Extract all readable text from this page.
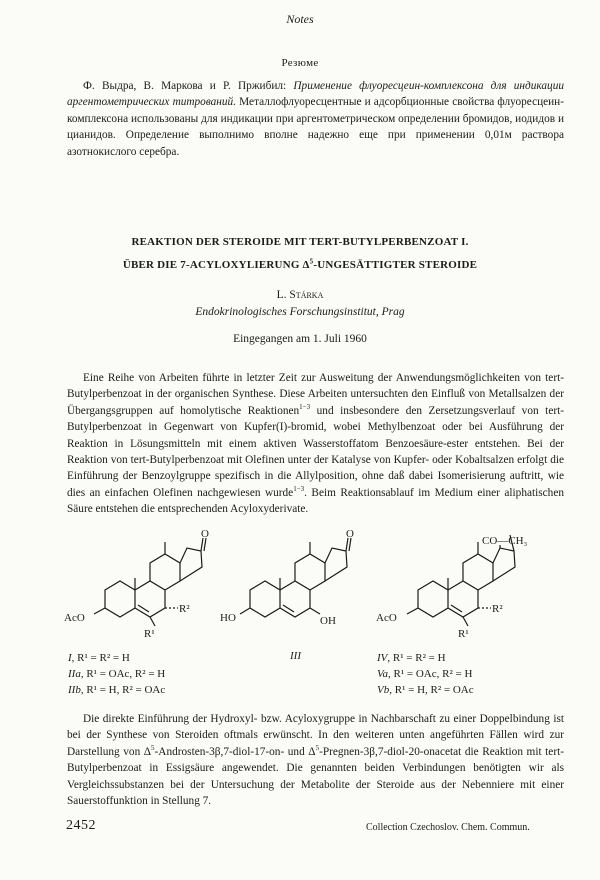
Notes
Резюме
Ф. Выдра, В. Маркова и Р. Пржибил: Применение флуоресцеин-комплексона для индикации аргентометрических титрований. Металлофлуоресцентные и адсорбционные свойства флуоресцеин-комплексона использованы для индикации при аргентометрическом определении бромидов, иодидов и цианидов. Определение выполнимо вполне надежно еще при применении 0,01м раствора азотнокислого серебра.
REAKTION DER STEROIDE MIT TERT-BUTYLPERBENZOAT I.
ÜBER DIE 7-ACYLOXYLIERUNG $\Delta^5$-UNGESÄTTIGTER STEROIDE
L. Stárka
Endokrinologisches Forschungsinstitut, Prag
Eingegangen am 1. Juli 1960
Eine Reihe von Arbeiten führte in letzter Zeit zur Ausweitung der Anwendungsmöglichkeiten von tert-Butylperbenzoat in der organischen Synthese. Diese Arbeiten untersuchten den Einfluß von Metallsalzen der Übergangsgruppen auf homolytische Reaktionen$^{1-3}$ und insbesondere den Zersetzungsverlauf von tert-Butylperbenzoat in Gegenwart von Kupfer(I)-bromid, wobei Methylbenzoat oder bei Ausführung der Reaktion in Lösungsmitteln mit einem aktiven Wasserstoffatom Benzoesäure-ester entstehen. Bei der Reaktion von tert-Butylperbenzoat mit Olefinen unter der Katalyse von Kupfer- oder Kobaltsalzen erfolgt die Einführung der Benzoylgruppe spezifisch in die Allylposition, ohne daß dabei Isomerisierung auftritt, wie dies an einfachen Olefinen nachgewiesen wurde$^{1-3}$. Beim Reaktionsablauf im Medium einer aliphatischen Säure entstehen die entsprechenden Acyloxyderivate.
AcO
O
R²
R¹
I, R¹ = R² = H
IIa, R¹ = OAc, R² = H
IIb, R¹ = H, R² = OAc
HO
O
OH
III
AcO
CO—CH₃
R²
R¹
IV, R¹ = R² = H
Va, R¹ = OAc, R² = H
Vb, R¹ = H, R² = OAc
Die direkte Einführung der Hydroxyl- bzw. Acyloxygruppe in Nachbarschaft zu einer Doppelbindung ist bei der Synthese von Steroiden oftmals erwünscht. In den weiteren unten angeführten Fällen wird zur Darstellung von $\Delta^5-Androsten-3\beta,7-diol-17-on-$ und $\Delta^5-Pregnen-3\beta,7-diol-20$-onacetat die Reaktion mit tert-Butylperbenzoat in Essigsäure angewendet. Die genannten beiden Verbindungen benötigten wir als Vergleichssubstanzen bei der Untersuchung der Metabolite der Steroide aus der Nebenniere mit einer Sauerstoffunktion in Stellung 7.
2452	Collection Czechoslov. Chem. Commun.
